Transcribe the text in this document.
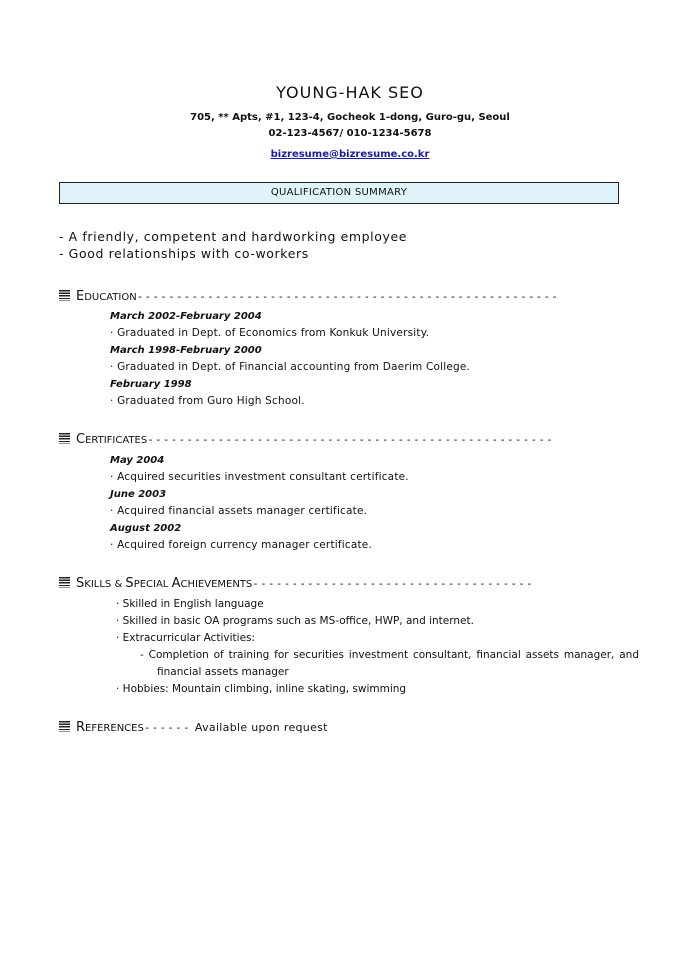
YOUNG-HAK SEO
705, ** Apts, #1, 123-4, Gocheok 1-dong, Guro-gu, Seoul
02-123-4567/ 010-1234-5678
bizresume@bizresume.co.kr
QUALIFICATION SUMMARY
- A friendly, competent and hardworking employee
- Good relationships with co-workers
EDUCATION------------------------------------------------------
March 2002-February 2004
· Graduated in Dept. of Economics from Konkuk University.
March 1998-February 2000
· Graduated in Dept. of Financial accounting from Daerim College.
February 1998
· Graduated from Guro High School.
CERTIFICATES----------------------------------------------------
May 2004
· Acquired securities investment consultant certificate.
June 2003
· Acquired financial assets manager certificate.
August 2002
· Acquired foreign currency manager certificate.
SKILLS & SPECIAL ACHIEVEMENTS------------------------------------
· Skilled in English language
· Skilled in basic OA programs such as MS-office, HWP, and internet.
· Extracurricular Activities:
- Completion of training for securities investment consultant, financial assets manager, and financial assets manager
· Hobbies: Mountain climbing, inline skating, swimming
REFERENCES------ Available upon request
